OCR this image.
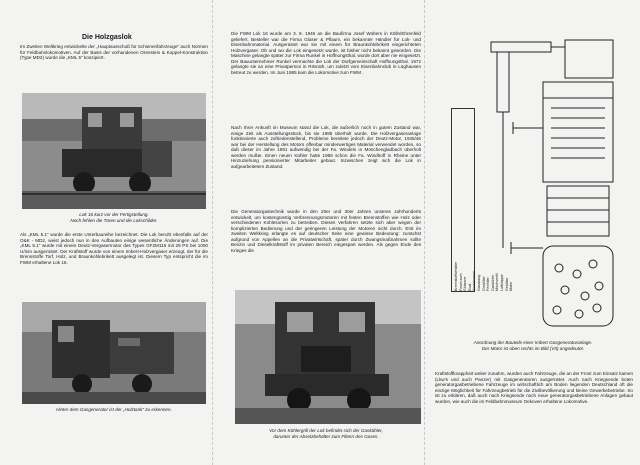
Die Holzgaslok

Im Zweiten Weltkrieg entwickelte der „Hauptausschuß für Schienenfahrzeuge“ auch Normen für Feldbahnlokomotiven. Auf der Basis der vorhandenen Orenstein & Koppel-Konstruktion (Type MD2) wurde die „KML 5“ konzipiert.

Lok 16 kurz vor der Fertigstellung.
Noch fehlen die Türen und die Lokschilder.

Als „KML 5.1“ wurde die erste Unterbaureihe bezeichnet. Die Lok beruht ebenfalls auf der O&K - MD2, weist jedoch nun in den Aufbauten einige wesentliche Änderungen auf. Die „KML 5.1“ wurde mit einem Deutz-Vergasermotor des Types GF2M115 mit 25 PS bei 1000 U/min ausgerüstet. Der Kraftstoff wurde von einem Imbert-Holzvergaser erzeugt, der für die Brennstoffe Torf, Holz, und Braunkohlebrikett ausgelegt ist. Diesem Typ entspricht die im FWM erhaltene Lok 16.

Hinter dem Gasgenerator ist der „Holztank“ zu erkennen.

Die FWM Lok 16 wurde am 3. 9. 1946 an die Baufirma Josef Wolters in Kölln/Ehrenfeld geliefert. Besteller war die Firma Glaser & Pflaum, ein bekannter Händler für Lok- und Eisenbahnmaterial. Ausgerüstet war sie mit einem für Braunkohlebrikett eingerichteten Holzvergaser. Ob und wo die Lok eingesetzt wurde, ist bisher nicht bekannt geworden. Die Maschine gelangte später zur Firma Runkel in Hoffnungsthal, wurde dort aber nie eingesetzt. Der Bauunternehmer Runkel vermachte die Lok der Dorfgemeinschaft Hoffnungsthal. 1972 gelangte sie an eine Privatperson in Rösrath, um zuletzt vom Eisenbahnclub in Lüghausen betreut zu werden. Im Juni 1985 kam die Lokomotive zum FWM .

Nach Ihrer Ankunft im Museum stand die Lok, die äußerlich noch in gutem Zustand war, einige Zeit als Ausstellungsstück, bis sie 1985 überholt wurde. Die Holzvergaseranlage funktionierte auch zufriedenstellend, Probleme bereitete jedoch der Deutz-Motor, 1945/46 war bei der Herstellung des Motors offenbar minderwertiges Material verwendet worden, so daß dieser im Jahre 1991 aufwendig bei der Fa. Windeln in Mönchengladbach überholt werden mußte. Einen neuen Kühler hatte 1986 schon die Fa. Windhoff in Rheine unter Hinzuziehung pensionierter Mitarbeiter gebaut. Inzwischen zeigt sich die Lok in aufgearbeitetem Zustand.

Die Generatorgastechnik wurde in den 20er und 30er Jahren unseres Jahrhunderts entwickelt, um kostengünstig Verbrennungsmotoren mit festen Brennstoffen wie Holz oder verschiedenen Kohlesorten zu betreiben. Dieses Verfahren setzte sich aber wegen der komplizierten Bedienung und der geringeren Leistung der Motoren nicht durch. Erst im zweiten Weltkrieg erlangte es auf deutscher Seite eine gewisse Bedeutung: zunächst aufgrund von Appellen an die Privatwirtschaft, später durch Zwangsmaßnahmen sollte Benzin und Dieselkraftstoff im privaten Bereich eingespart werden. Als gegen Ende des Krieges die

Vor dem Kühlergrill der Lok befindet sich der Gaskühler,
darunter der Absetzbehälter zum Filtern des Gases.

Brennstoffbehälter Feuerraum Glutzone Rost Aschenraum Gasabzug Grobfilter Feinfilter Gaskühler Mischventil Luftklappe Gebläse Motor

Anordnung der Bauteile einer Imbert Gasgeneratoranlage.
Der Motor ist oben rechts im Bild (VII) angedeutet.

Kraftstoffknappheit weiter zunahm, wurden auch Fahrzeuge, die an der Front zum Einsatz kamen (Lkw's und auch Panzer) mit Gasgeneratoren ausgerüstet. Auch nach Kriegsende boten generatorgasbetriebene Fahrzeuge im wirtschaftlich am Boden liegenden Deutschland oft die einzige Möglichkeit für Fahrzeugbetrieb für die Zivilbevölkerung und kleine Gewerbebetriebe. So ist zu erklären, daß auch nach Kriegsende noch neue generatorgasbetriebene Anlagen gebaut wurden, wie auch die im Feldbahnmuseum Oekoven erhaltene Lokomotive.
